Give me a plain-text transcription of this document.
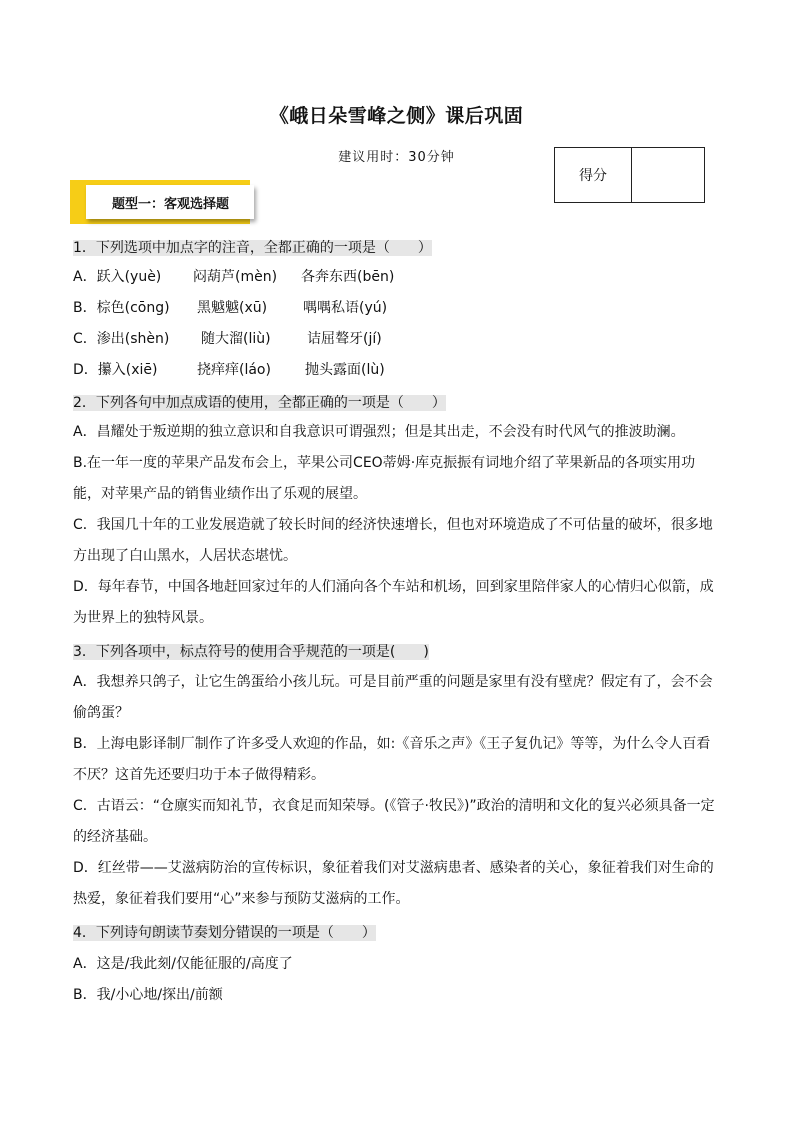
《峨日朵雪峰之侧》课后巩固
建议用时：30分钟
得分
题型一：客观选择题
1．下列选项中加点字的注音，全都正确的一项是（　　）
A．跃入(yuè) 闷葫芦(mèn) 各奔东西(bēn)
B．棕色(cōng) 黑魆魆(xū)	喁喁私语(yú)
C．渗出(shèn) 随大溜(liù)	诘屈聱牙(jí)
D．攥入(xiē)	挠痒痒(láo) 抛头露面(lù)
2．下列各句中加点成语的使用，全都正确的一项是（　　）
A．昌耀处于叛逆期的独立意识和自我意识可谓强烈；但是其出走，不会没有时代风气的推波助澜。
B.在一年一度的苹果产品发布会上，苹果公司CEO蒂姆·库克振振有词地介绍了苹果新品的各项实用功能，对苹果产品的销售业绩作出了乐观的展望。
C．我国几十年的工业发展造就了较长时间的经济快速增长，但也对环境造成了不可估量的破坏，很多地方出现了白山黑水，人居状态堪忧。
D．每年春节，中国各地赶回家过年的人们涌向各个车站和机场，回到家里陪伴家人的心情归心似箭，成为世界上的独特风景。
3．下列各项中，标点符号的使用合乎规范的一项是(　　)
A．我想养只鸽子，让它生鸽蛋给小孩儿玩。可是目前严重的问题是家里有没有壁虎？假定有了，会不会偷鸽蛋？
B．上海电影译制厂制作了许多受人欢迎的作品，如:《音乐之声》《王子复仇记》等等，为什么令人百看不厌？这首先还要归功于本子做得精彩。
C．古语云：“仓廪实而知礼节，衣食足而知荣辱。(《管子·牧民》)”政治的清明和文化的复兴必须具备一定的经济基础。
D．红丝带——艾滋病防治的宣传标识，象征着我们对艾滋病患者、感染者的关心，象征着我们对生命的热爱，象征着我们要用“心”来参与预防艾滋病的工作。
4．下列诗句朗读节奏划分错误的一项是（　　）
A．这是/我此刻/仅能征服的/高度了
B．我/小心地/探出/前额
